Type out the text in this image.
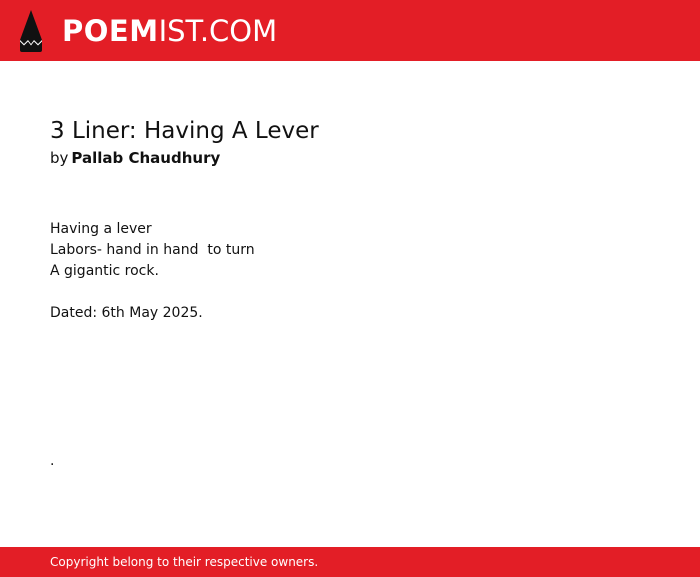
POEMIST.COM
3 Liner: Having A Lever
by Pallab Chaudhury
Having a lever
Labors- hand in hand  to turn
A gigantic rock.
Dated: 6th May 2025.
.
Copyright belong to their respective owners.
